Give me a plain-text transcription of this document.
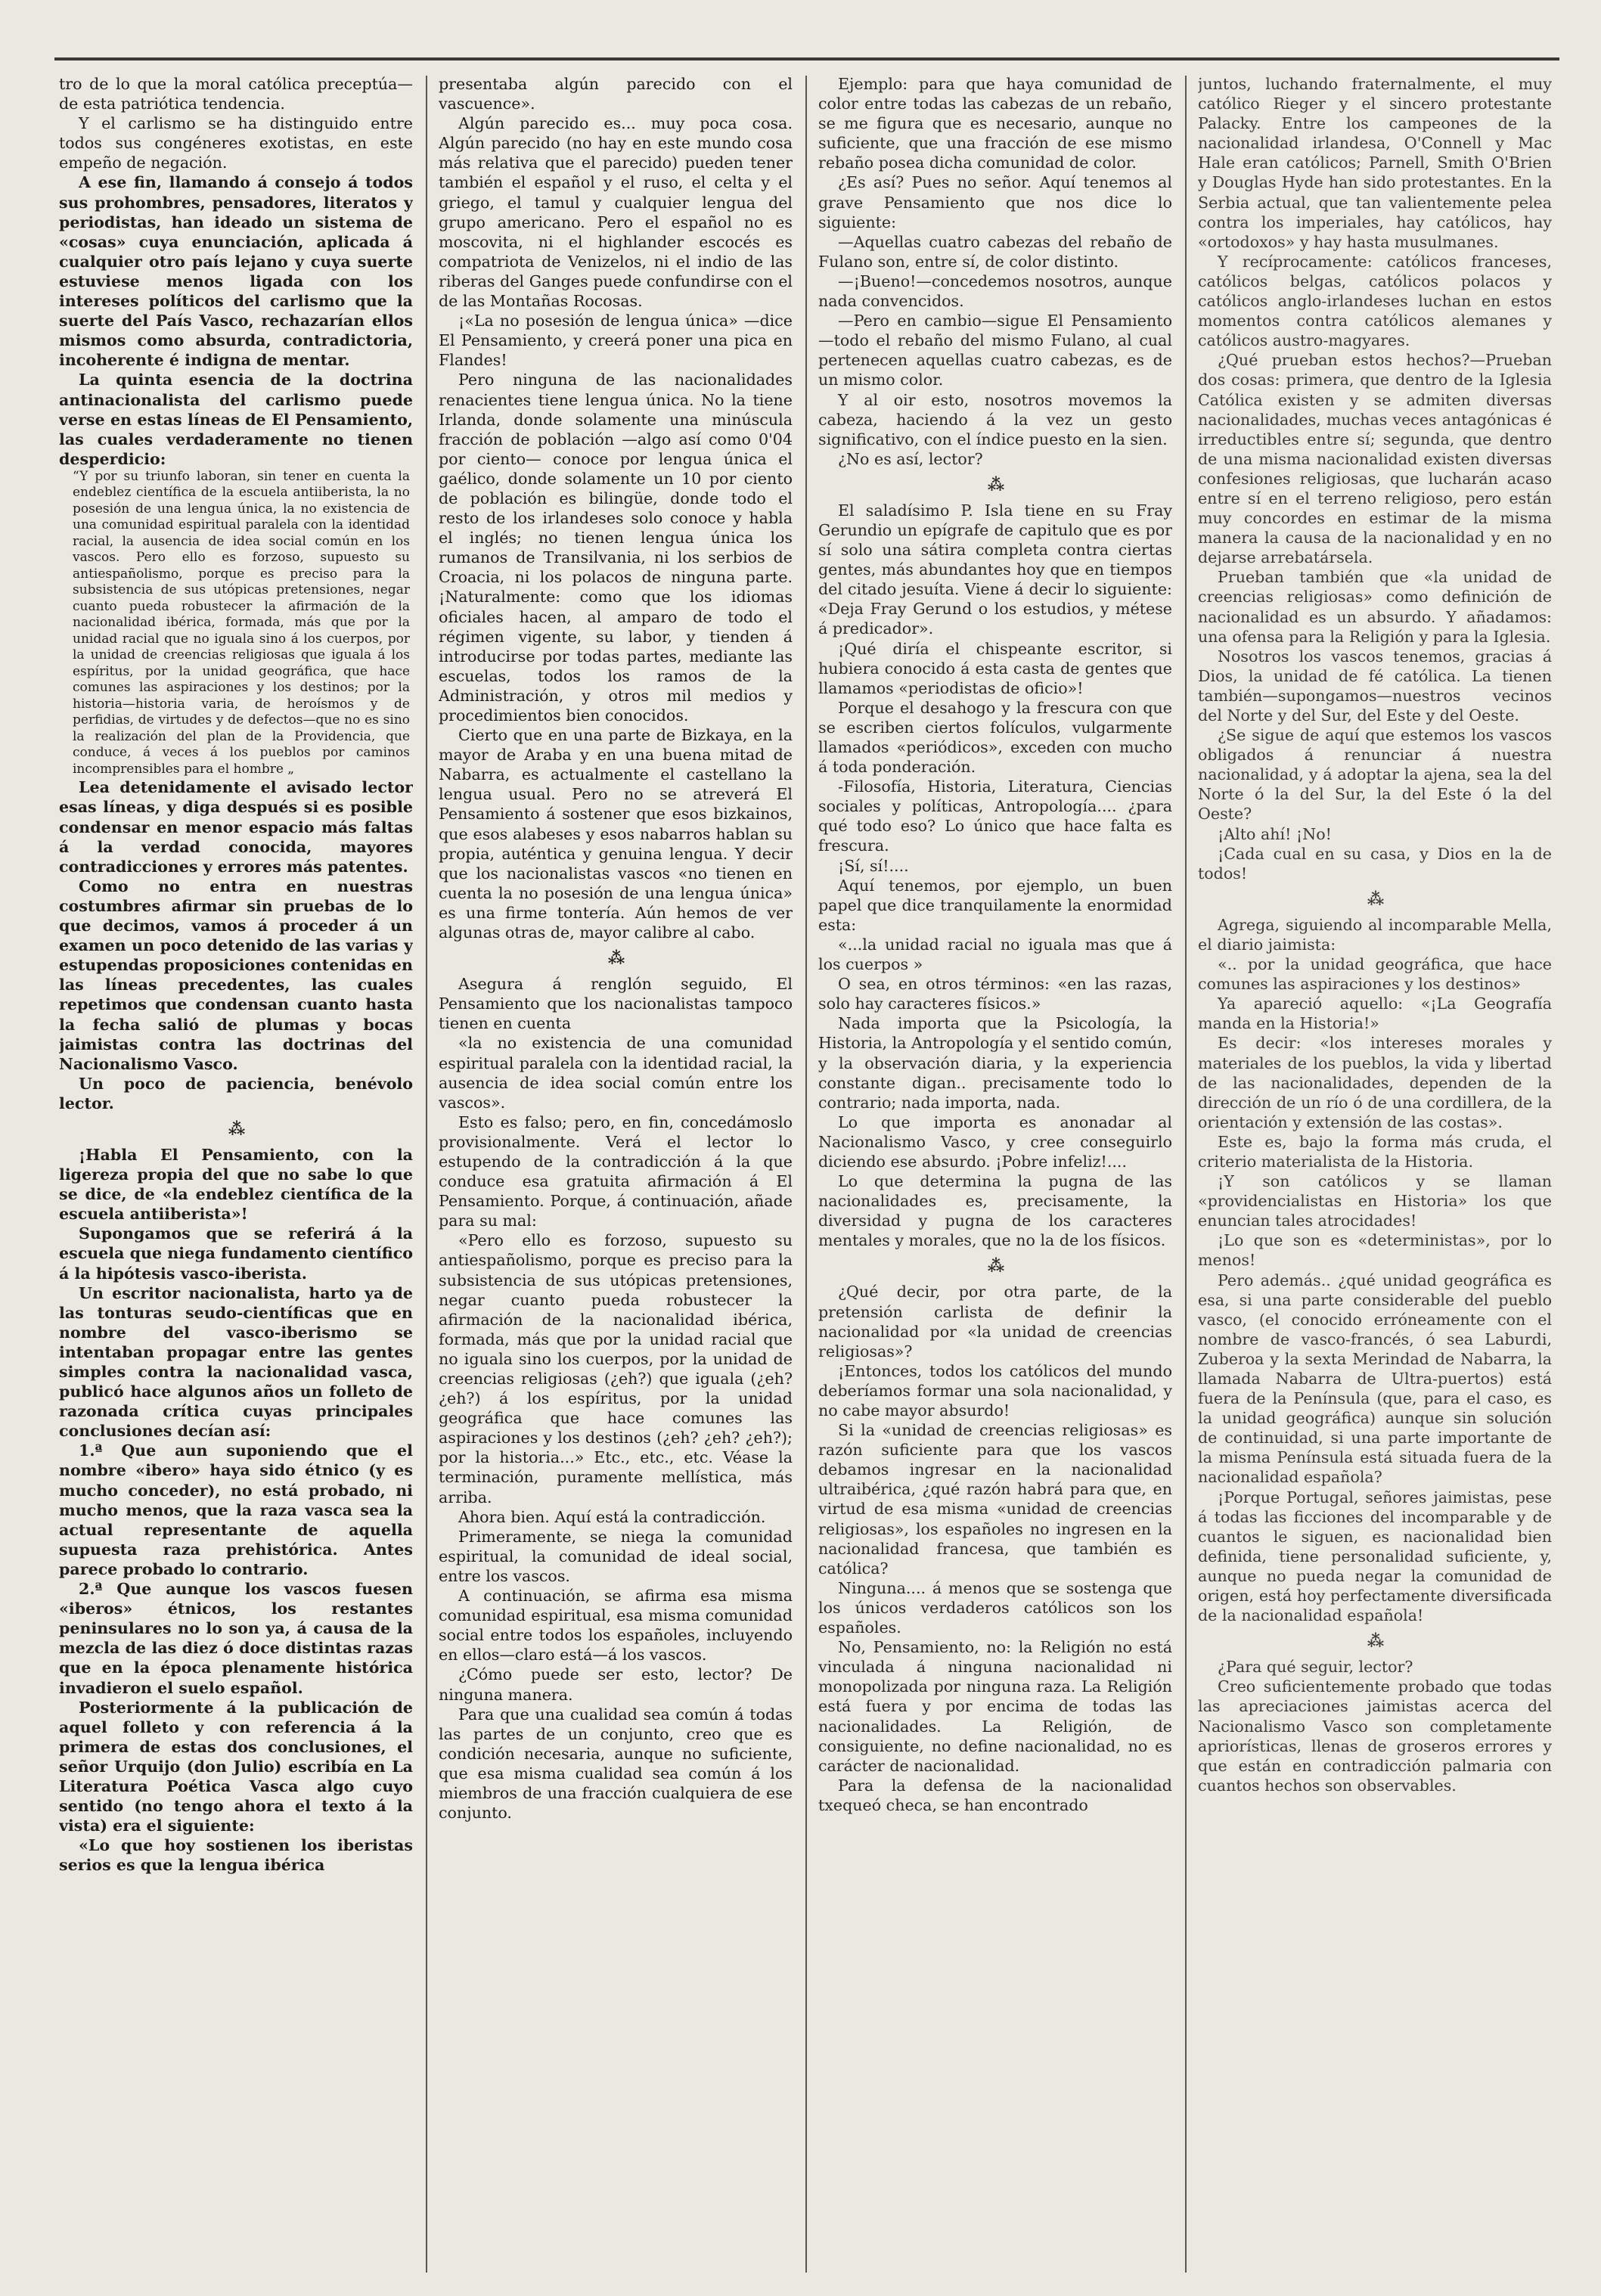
tro de lo que la moral católica preceptúa—de esta patriótica tendencia.

Y el carlismo se ha distinguido entre todos sus congéneres exotistas, en este empeño de negación.

A ese fin, llamando á consejo á todos sus prohombres, pensadores, literatos y periodistas, han ideado un sistema de «cosas» cuya enunciación, aplicada á cualquier otro país lejano y cuya suerte estuviese menos ligada con los intereses políticos del carlismo que la suerte del País Vasco, rechazarían ellos mismos como absurda, contradictoria, incoherente é indigna de mentar.

La quinta esencia de la doctrina antinacionalista del carlismo puede verse en estas líneas de El Pensamiento, las cuales verdaderamente no tienen desperdicio:

“Y por su triunfo laboran, sin tener en cuenta la endeblez científica de la escuela antiiberista, la no posesión de una lengua única, la no existencia de una comunidad espiritual paralela con la identidad racial, la ausencia de idea social común en los vascos. Pero ello es forzoso, supuesto su antiespañolismo, porque es preciso para la subsistencia de sus utópicas pretensiones, negar cuanto pueda robustecer la afirmación de la nacionalidad ibérica, formada, más que por la unidad racial que no iguala sino á los cuerpos, por la unidad de creencias religiosas que iguala á los espíritus, por la unidad geográfica, que hace comunes las aspiraciones y los destinos; por la historia—historia varia, de heroísmos y de perfidias, de virtudes y de defectos—que no es sino la realización del plan de la Providencia, que conduce, á veces á los pueblos por caminos incomprensibles para el hombre „

Lea detenidamente el avisado lector esas líneas, y diga después si es posible condensar en menor espacio más faltas á la verdad conocida, mayores contradicciones y errores más patentes.

Como no entra en nuestras costumbres afirmar sin pruebas de lo que decimos, vamos á proceder á un examen un poco detenido de las varias y estupendas proposiciones contenidas en las líneas precedentes, las cuales repetimos que condensan cuanto hasta la fecha salió de plumas y bocas jaimistas contra las doctrinas del Nacionalismo Vasco.

Un poco de paciencia, benévolo lector.

⁂

¡Habla El Pensamiento, con la ligereza propia del que no sabe lo que se dice, de «la endeblez científica de la escuela antiiberista»!

Supongamos que se referirá á la escuela que niega fundamento científico á la hipótesis vasco-iberista.

Un escritor nacionalista, harto ya de las tonturas seudo-científicas que en nombre del vasco-iberismo se intentaban propagar entre las gentes simples contra la nacionalidad vasca, publicó hace algunos años un folleto de razonada crítica cuyas principales conclusiones decían así:

1.ª Que aun suponiendo que el nombre «ibero» haya sido étnico (y es mucho conceder), no está probado, ni mucho menos, que la raza vasca sea la actual representante de aquella supuesta raza prehistórica. Antes parece probado lo contrario.

2.ª Que aunque los vascos fuesen «iberos» étnicos, los restantes peninsulares no lo son ya, á causa de la mezcla de las diez ó doce distintas razas que en la época plenamente histórica invadieron el suelo español.

Posteriormente á la publicación de aquel folleto y con referencia á la primera de estas dos conclusiones, el señor Urquijo (don Julio) escribía en La Literatura Poética Vasca algo cuyo sentido (no tengo ahora el texto á la vista) era el siguiente:

«Lo que hoy sostienen los iberistas serios es que la lengua ibérica

presentaba algún parecido con el vascuence».

Algún parecido es... muy poca cosa. Algún parecido (no hay en este mundo cosa más relativa que el parecido) pueden tener también el español y el ruso, el celta y el griego, el tamul y cualquier lengua del grupo americano. Pero el español no es moscovita, ni el highlander escocés es compatriota de Venizelos, ni el indio de las riberas del Ganges puede confundirse con el de las Montañas Rocosas.

¡«La no posesión de lengua única» —dice El Pensamiento, y creerá poner una pica en Flandes!

Pero ninguna de las nacionalidades renacientes tiene lengua única. No la tiene Irlanda, donde solamente una minúscula fracción de población —algo así como 0'04 por ciento— conoce por lengua única el gaélico, donde solamente un 10 por ciento de población es bilingüe, donde todo el resto de los irlandeses solo conoce y habla el inglés; no tienen lengua única los rumanos de Transilvania, ni los serbios de Croacia, ni los polacos de ninguna parte. ¡Naturalmente: como que los idiomas oficiales hacen, al amparo de todo el régimen vigente, su labor, y tienden á introducirse por todas partes, mediante las escuelas, todos los ramos de la Administración, y otros mil medios y procedimientos bien conocidos.

Cierto que en una parte de Bizkaya, en la mayor de Araba y en una buena mitad de Nabarra, es actualmente el castellano la lengua usual. Pero no se atreverá El Pensamiento á sostener que esos bizkainos, que esos alabeses y esos nabarros hablan su propia, auténtica y genuina lengua. Y decir que los nacionalistas vascos «no tienen en cuenta la no posesión de una lengua única» es una firme tontería. Aún hemos de ver algunas otras de, mayor calibre al cabo.

⁂

Asegura á renglón seguido, El Pensamiento que los nacionalistas tampoco tienen en cuenta

«la no existencia de una comunidad espiritual paralela con la identidad racial, la ausencia de idea social común entre los vascos».

Esto es falso; pero, en fin, concedámoslo provisionalmente. Verá el lector lo estupendo de la contradicción á la que conduce esa gratuita afirmación á El Pensamiento. Porque, á continuación, añade para su mal:

«Pero ello es forzoso, supuesto su antiespañolismo, porque es preciso para la subsistencia de sus utópicas pretensiones, negar cuanto pueda robustecer la afirmación de la nacionalidad ibérica, formada, más que por la unidad racial que no iguala sino los cuerpos, por la unidad de creencias religiosas (¿eh?) que iguala (¿eh? ¿eh?) á los espíritus, por la unidad geográfica que hace comunes las aspiraciones y los destinos (¿eh? ¿eh? ¿eh?); por la historia...» Etc., etc., etc. Véase la terminación, puramente mellística, más arriba.

Ahora bien. Aquí está la contradicción.

Primeramente, se niega la comunidad espiritual, la comunidad de ideal social, entre los vascos.

A continuación, se afirma esa misma comunidad espiritual, esa misma comunidad social entre todos los españoles, incluyendo en ellos—claro está—á los vascos.

¿Cómo puede ser esto, lector? De ninguna manera.

Para que una cualidad sea común á todas las partes de un conjunto, creo que es condición necesaria, aunque no suficiente, que esa misma cualidad sea común á los miembros de una fracción cualquiera de ese conjunto.

Ejemplo: para que haya comunidad de color entre todas las cabezas de un rebaño, se me figura que es necesario, aunque no suficiente, que una fracción de ese mismo rebaño posea dicha comunidad de color.

¿Es así? Pues no señor. Aquí tenemos al grave Pensamiento que nos dice lo siguiente:

—Aquellas cuatro cabezas del rebaño de Fulano son, entre sí, de color distinto.

—¡Bueno!—concedemos nosotros, aunque nada convencidos.

—Pero en cambio—sigue El Pensamiento—todo el rebaño del mismo Fulano, al cual pertenecen aquellas cuatro cabezas, es de un mismo color.

Y al oir esto, nosotros movemos la cabeza, haciendo á la vez un gesto significativo, con el índice puesto en la sien.

¿No es así, lector?

⁂

El saladísimo P. Isla tiene en su Fray Gerundio un epígrafe de capitulo que es por sí solo una sátira completa contra ciertas gentes, más abundantes hoy que en tiempos del citado jesuíta. Viene á decir lo siguiente: «Deja Fray Gerund o los estudios, y métese á predicador».

¡Qué diría el chispeante escritor, si hubiera conocido á esta casta de gentes que llamamos «periodistas de oficio»!

Porque el desahogo y la frescura con que se escriben ciertos folículos, vulgarmente llamados «periódicos», exceden con mucho á toda ponderación.

-Filosofía, Historia, Literatura, Ciencias sociales y políticas, Antropología.... ¿para qué todo eso? Lo único que hace falta es frescura.

¡Sí, sí!....

Aquí tenemos, por ejemplo, un buen papel que dice tranquilamente la enormidad esta:

«...la unidad racial no iguala mas que á los cuerpos »

O sea, en otros términos: «en las razas, solo hay caracteres físicos.»

Nada importa que la Psicología, la Historia, la Antropología y el sentido común, y la observación diaria, y la experiencia constante digan.. precisamente todo lo contrario; nada importa, nada.

Lo que importa es anonadar al Nacionalismo Vasco, y cree conseguirlo diciendo ese absurdo. ¡Pobre infeliz!....

Lo que determina la pugna de las nacionalidades es, precisamente, la diversidad y pugna de los caracteres mentales y morales, que no la de los físicos.

⁂

¿Qué decir, por otra parte, de la pretensión carlista de definir la nacionalidad por «la unidad de creencias religiosas»?

¡Entonces, todos los católicos del mundo deberíamos formar una sola nacionalidad, y no cabe mayor absurdo!

Si la «unidad de creencias religiosas» es razón suficiente para que los vascos debamos ingresar en la nacionalidad ultraibérica, ¿qué razón habrá para que, en virtud de esa misma «unidad de creencias religiosas», los españoles no ingresen en la nacionalidad francesa, que también es católica?

Ninguna.... á menos que se sostenga que los únicos verdaderos católicos son los españoles.

No, Pensamiento, no: la Religión no está vinculada á ninguna nacionalidad ni monopolizada por ninguna raza. La Religión está fuera y por encima de todas las nacionalidades. La Religión, de consiguiente, no define nacionalidad, no es carácter de nacionalidad.

Para la defensa de la nacionalidad txequeó checa, se han encontrado

juntos, luchando fraternalmente, el muy católico Rieger y el sincero protestante Palacky. Entre los campeones de la nacionalidad irlandesa, O'Connell y Mac Hale eran católicos; Parnell, Smith O'Brien y Douglas Hyde han sido protestantes. En la Serbia actual, que tan valientemente pelea contra los imperiales, hay católicos, hay «ortodoxos» y hay hasta musulmanes.

Y recíprocamente: católicos franceses, católicos belgas, católicos polacos y católicos anglo-irlandeses luchan en estos momentos contra católicos alemanes y católicos austro-magyares.

¿Qué prueban estos hechos?—Prueban dos cosas: primera, que dentro de la Iglesia Católica existen y se admiten diversas nacionalidades, muchas veces antagónicas é irreductibles entre sí; segunda, que dentro de una misma nacionalidad existen diversas confesiones religiosas, que lucharán acaso entre sí en el terreno religioso, pero están muy concordes en estimar de la misma manera la causa de la nacionalidad y en no dejarse arrebatársela.

Prueban también que «la unidad de creencias religiosas» como definición de nacionalidad es un absurdo. Y añadamos: una ofensa para la Religión y para la Iglesia.

Nosotros los vascos tenemos, gracias á Dios, la unidad de fé católica. La tienen también—supongamos—nuestros vecinos del Norte y del Sur, del Este y del Oeste.

¿Se sigue de aquí que estemos los vascos obligados á renunciar á nuestra nacionalidad, y á adoptar la ajena, sea la del Norte ó la del Sur, la del Este ó la del Oeste?

¡Alto ahí! ¡No!

¡Cada cual en su casa, y Dios en la de todos!

⁂

Agrega, siguiendo al incomparable Mella, el diario jaimista:

«.. por la unidad geográfica, que hace comunes las aspiraciones y los destinos»

Ya apareció aquello: «¡La Geografía manda en la Historia!»

Es decir: «los intereses morales y materiales de los pueblos, la vida y libertad de las nacionalidades, dependen de la dirección de un río ó de una cordillera, de la orientación y extensión de las costas».

Este es, bajo la forma más cruda, el criterio materialista de la Historia.

¡Y son católicos y se llaman «providencialistas en Historia» los que enuncian tales atrocidades!

¡Lo que son es «deterministas», por lo menos!

Pero además.. ¿qué unidad geográfica es esa, si una parte considerable del pueblo vasco, (el conocido erróneamente con el nombre de vasco-francés, ó sea Laburdi, Zuberoa y la sexta Merindad de Nabarra, la llamada Nabarra de Ultra-puertos) está fuera de la Península (que, para el caso, es la unidad geográfica) aunque sin solución de continuidad, si una parte importante de la misma Península está situada fuera de la nacionalidad española?

¡Porque Portugal, señores jaimistas, pese á todas las ficciones del incomparable y de cuantos le siguen, es nacionalidad bien definida, tiene personalidad suficiente, y, aunque no pueda negar la comunidad de origen, está hoy perfectamente diversificada de la nacionalidad española!

⁂

¿Para qué seguir, lector?

Creo suficientemente probado que todas las apreciaciones jaimistas acerca del Nacionalismo Vasco son completamente apriorísticas, llenas de groseros errores y que están en contradicción palmaria con cuantos hechos son observables.
